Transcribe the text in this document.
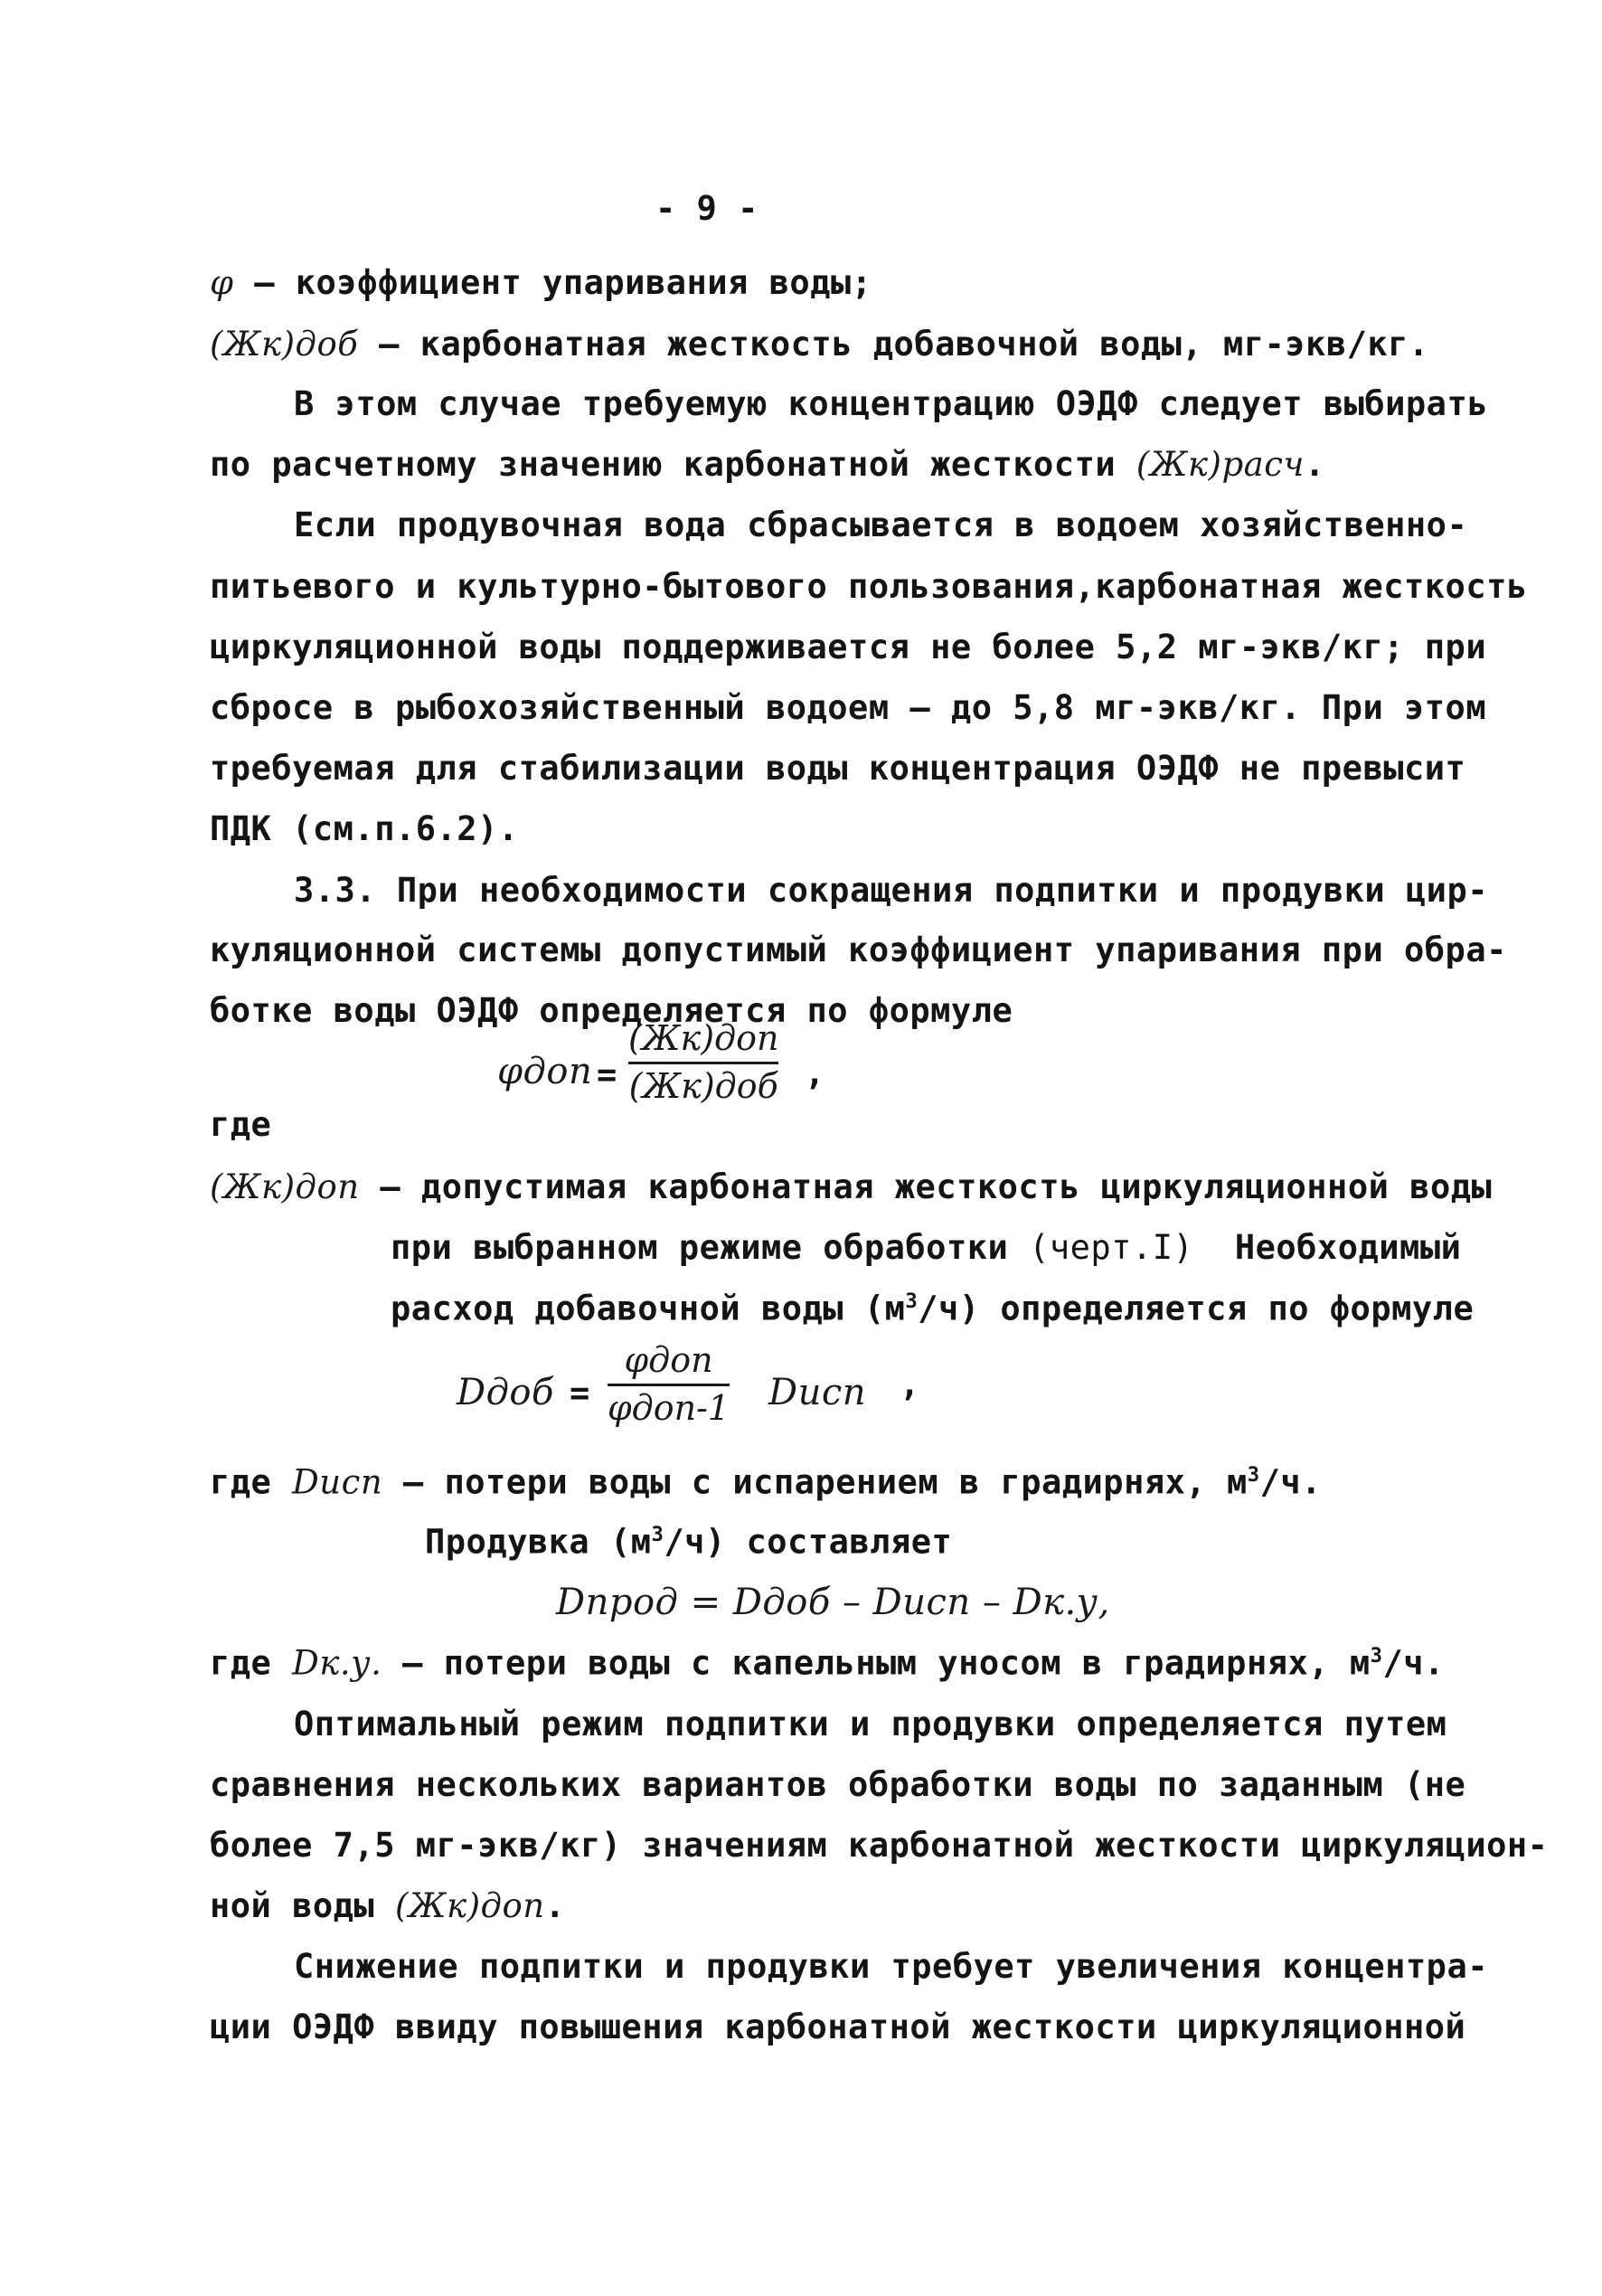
- 9 -
φ – коэффициент упаривания воды;
(Жк)доб – карбонатная жесткость добавочной воды, мг-экв/кг.
В этом случае требуемую концентрацию ОЭДФ следует выбирать
по расчетному значению карбонатной жесткости (Жк)расч.
Если продувочная вода сбрасывается в водоем хозяйственно-
питьевого и культурно-бытового пользования,карбонатная жесткость
циркуляционной воды поддерживается не более 5,2 мг-экв/кг; при
сбросе в рыбохозяйственный водоем – до 5,8 мг-экв/кг. При этом
требуемая для стабилизации воды концентрация ОЭДФ не превысит
ПДК (см.п.6.2).
3.3. При необходимости сокращения подпитки и продувки цир-
куляционной системы допустимый коэффициент упаривания при обра-
ботке воды ОЭДФ определяется по формуле
φдоп =
(Жк)доп
(Жк)доб ,
где
(Жк)доп – допустимая карбонатная жесткость циркуляционной воды
при выбранном режиме обработки (черт.I)  Необходимый
расход добавочной воды $(м^3/ч)$ определяется по формуле
Dдоб =
φдоп
φдоп-1 Dисп ,
где Dисп – потери воды с испарением в градирнях, $м^3/ч$.
Продувка $(м^3/ч)$ составляет
Dпрод = Dдоб – Dисп – Dк.у,
где Dк.у. – потери воды с капельным уносом в градирнях, $м^3/ч$.
Оптимальный режим подпитки и продувки определяется путем
сравнения нескольких вариантов обработки воды по заданным (не
более 7,5 мг-экв/кг) значениям карбонатной жесткости циркуляцион-
ной воды (Жк)доп.
Снижение подпитки и продувки требует увеличения концентра-
ции ОЭДФ ввиду повышения карбонатной жесткости циркуляционной
